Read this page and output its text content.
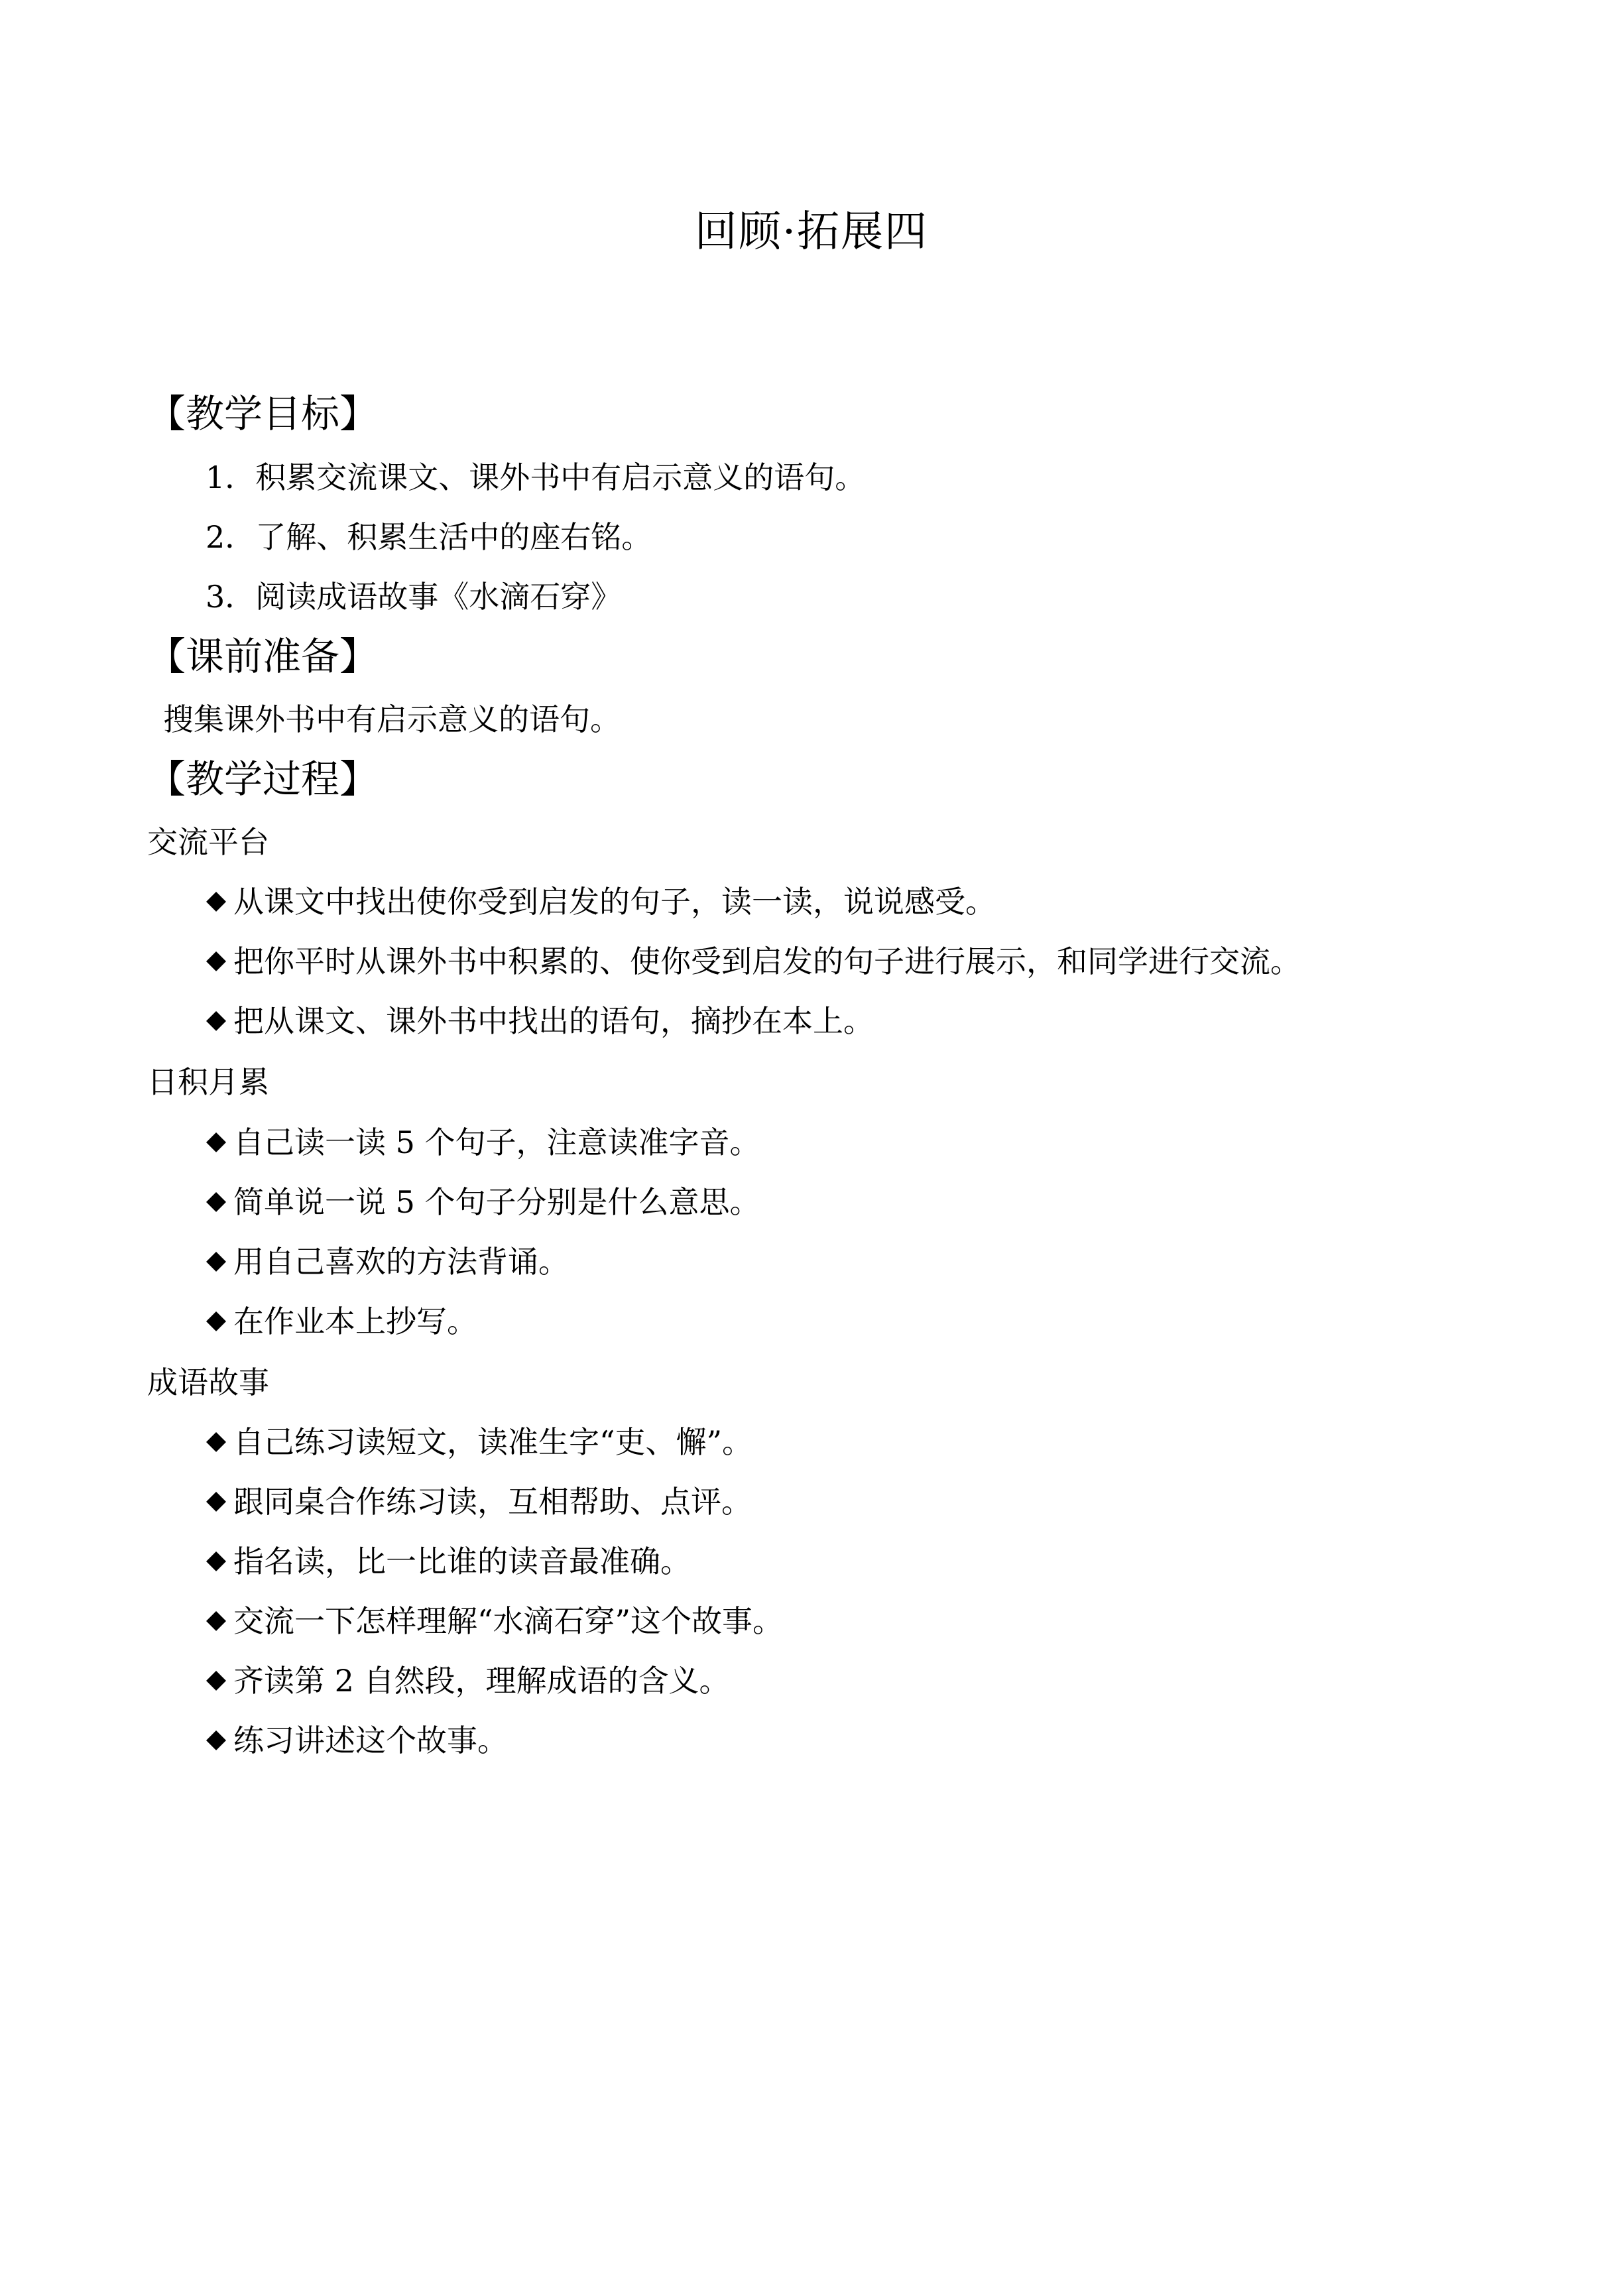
回顾·拓展四
【教学目标】
1．积累交流课文、课外书中有启示意义的语句。
2．了解、积累生活中的座右铭。
3．阅读成语故事《水滴石穿》
【课前准备】
搜集课外书中有启示意义的语句。
【教学过程】
交流平台
从课文中找出使你受到启发的句子，读一读，说说感受。
把你平时从课外书中积累的、使你受到启发的句子进行展示，和同学进行交流。
把从课文、课外书中找出的语句，摘抄在本上。
日积月累
自己读一读 5 个句子，注意读准字音。
简单说一说 5 个句子分别是什么意思。
用自己喜欢的方法背诵。
在作业本上抄写。
成语故事
自己练习读短文，读准生字“吏、懈”。
跟同桌合作练习读，互相帮助、点评。
指名读，比一比谁的读音最准确。
交流一下怎样理解“水滴石穿”这个故事。
齐读第 2 自然段，理解成语的含义。
练习讲述这个故事。
